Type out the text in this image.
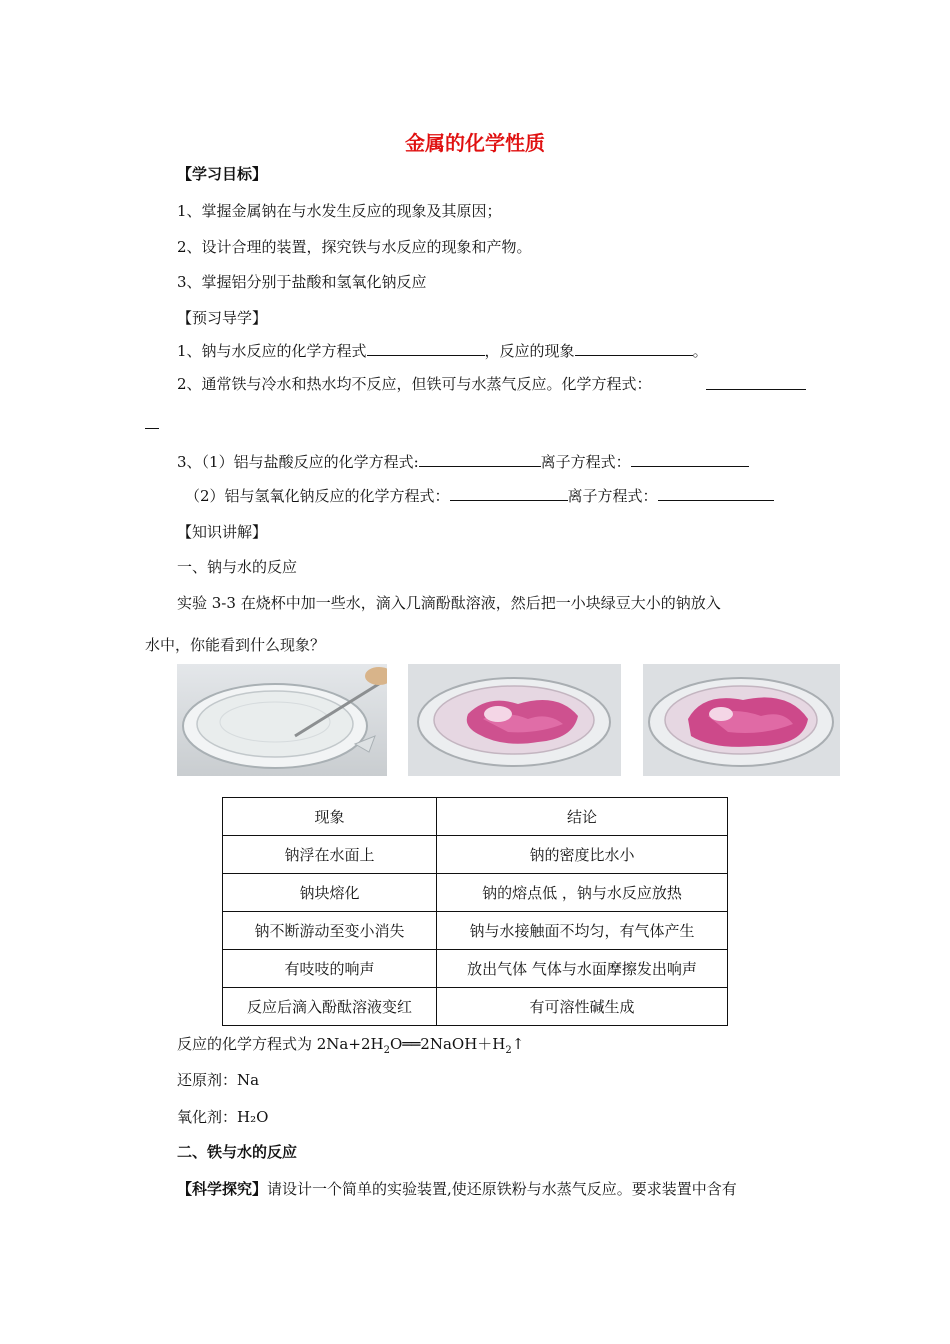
金属的化学性质
【学习目标】
1、掌握金属钠在与水发生反应的现象及其原因；
2、设计合理的装置，探究铁与水反应的现象和产物。
3、掌握铝分别于盐酸和氢氧化钠反应
【预习导学】
1、钠与水反应的化学方程式	，反应的现象	。
2、通常铁与冷水和热水均不反应，但铁可与水蒸气反应。化学方程式：
3、（1）铝与盐酸反应的化学方程式:	离子方程式：
（2）铝与氢氧化钠反应的化学方程式：	离子方程式：
【知识讲解】
一、钠与水的反应
实验 3-3 在烧杯中加一些水，滴入几滴酚酞溶液，然后把一小块绿豆大小的钠放入
水中，你能看到什么现象？
现象	结论
钠浮在水面上	钠的密度比水小
钠块熔化	钠的熔点低 ，钠与水反应放热
钠不断游动至变小消失	钠与水接触面不均匀，有气体产生
有吱吱的响声	放出气体 气体与水面摩擦发出响声
反应后滴入酚酞溶液变红	有可溶性碱生成
反应的化学方程式为 $2Na+2H_2O══2NaOH+H_2↑$
还原剂：Na
氧化剂：H₂O
二、铁与水的反应
【科学探究】请设计一个简单的实验装置,使还原铁粉与水蒸气反应。要求装置中含有
